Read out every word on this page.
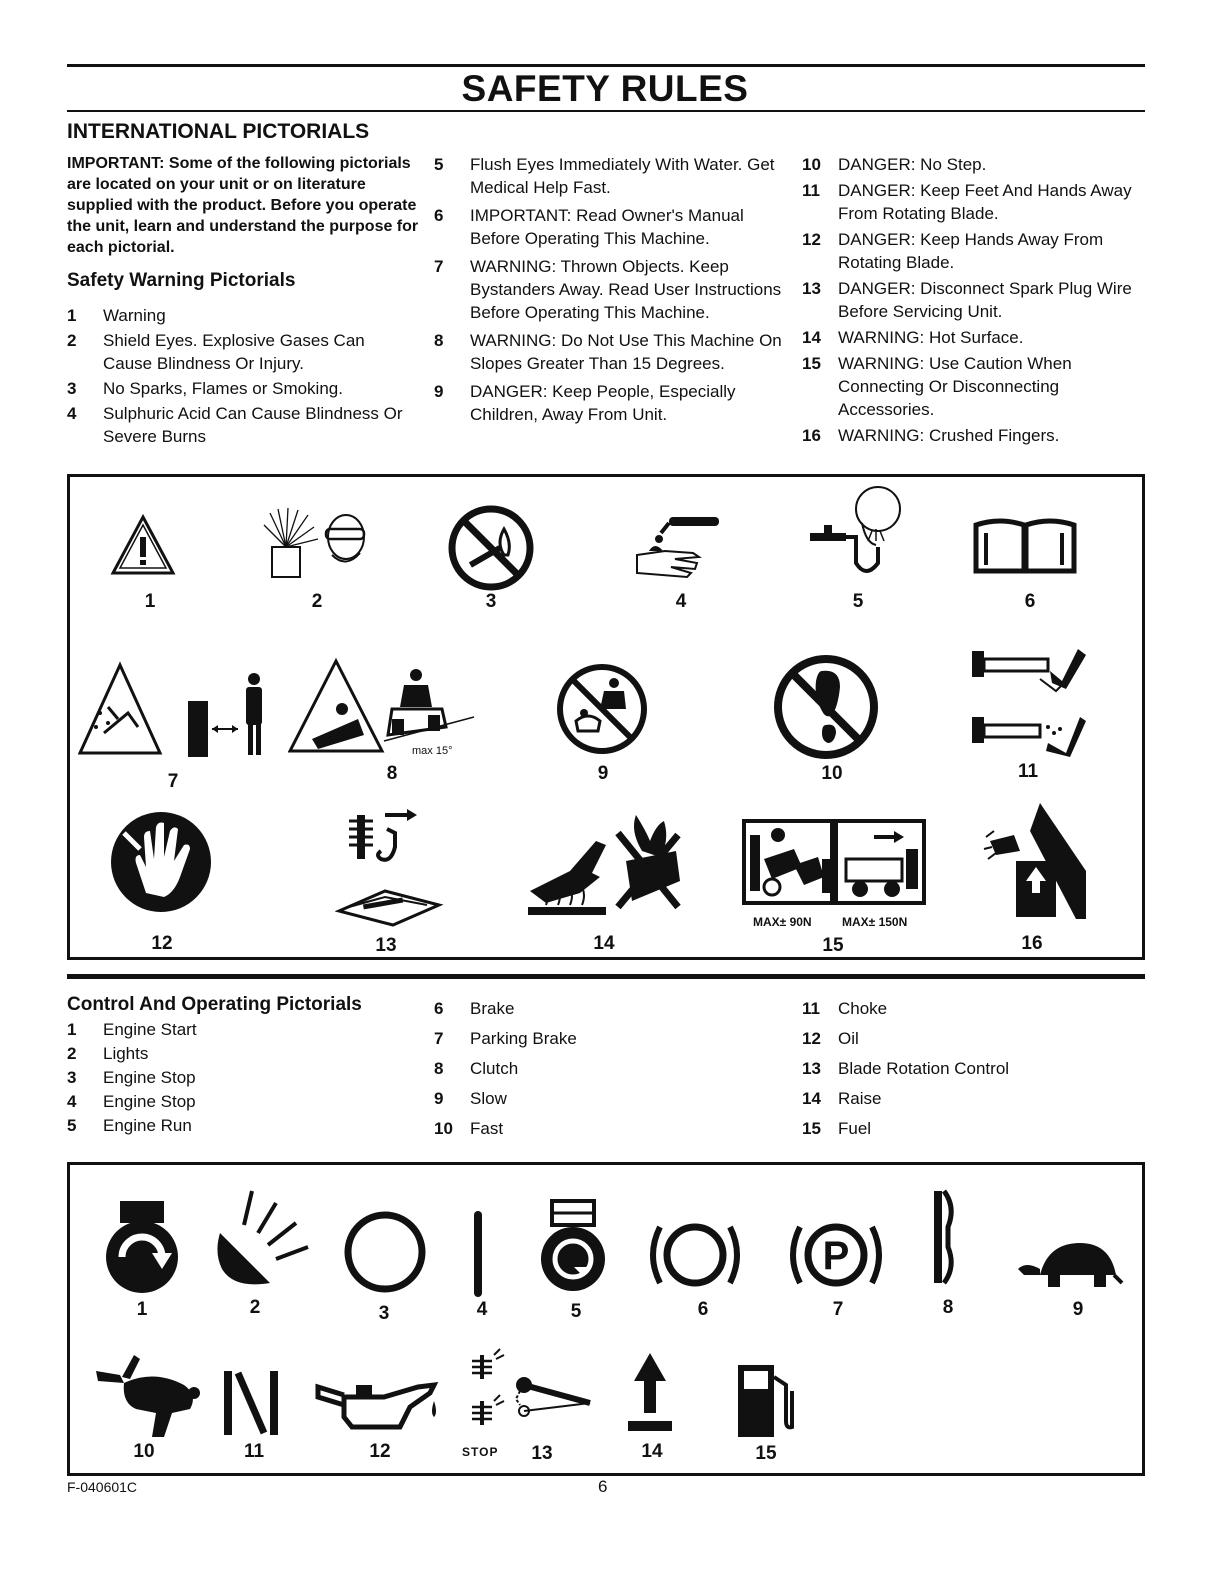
SAFETY RULES
INTERNATIONAL PICTORIALS
IMPORTANT: Some of the following pictorials are located on your unit or on literature supplied with the product. Before you operate the unit, learn and understand the purpose for each pictorial.
Safety Warning Pictorials
1 Warning
2 Shield Eyes. Explosive Gases Can Cause Blindness Or Injury.
3 No Sparks, Flames or Smoking.
4 Sulphuric Acid Can Cause Blindness Or Severe Burns
5 Flush Eyes Immediately With Water. Get Medical Help Fast.
6 IMPORTANT: Read Owner's Manual Before Operating This Machine.
7 WARNING: Thrown Objects. Keep Bystanders Away. Read User Instructions Before Operating This Machine.
8 WARNING: Do Not Use This Machine On Slopes Greater Than 15 Degrees.
9 DANGER: Keep People, Especially Children, Away From Unit.
10 DANGER: No Step.
11 DANGER: Keep Feet And Hands Away From Rotating Blade.
12 DANGER: Keep Hands Away From Rotating Blade.
13 DANGER: Disconnect Spark Plug Wire Before Servicing Unit.
14 WARNING: Hot Surface.
15 WARNING: Use Caution When Connecting Or Disconnecting Accessories.
16 WARNING: Crushed Fingers.
1	2	3	4	5	6
max 15°
7	8	9	10	11
MAX± 90N	MAX± 150N
12	13	14	15	16
Control And Operating Pictorials
1 Engine Start
2 Lights
3 Engine Stop
4 Engine Stop
5 Engine Run
6 Brake
7 Parking Brake
8 Clutch
9 Slow
10 Fast
11 Choke
12 Oil
13 Blade Rotation Control
14 Raise
15 Fuel
P
1	2	3	4	5	6	7	8	9
STOP
10	11	12	13	14	15
F-040601C	6
